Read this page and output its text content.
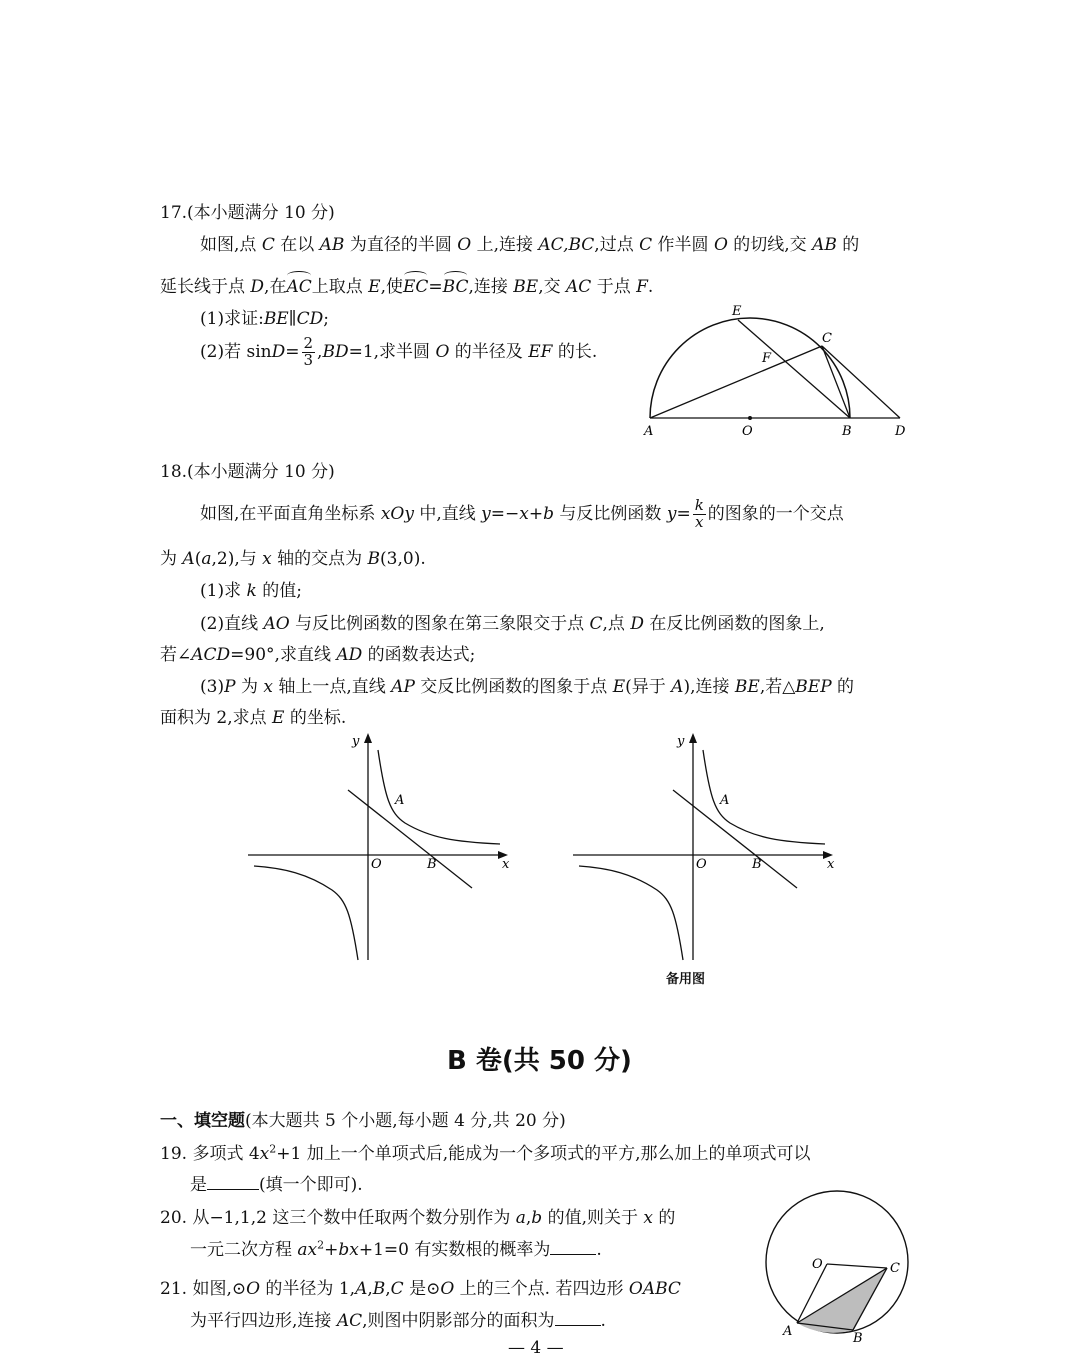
17.(本小题满分 10 分)
如图,点 C 在以 AB 为直径的半圆 O 上,连接 AC,BC,过点 C 作半圆 O 的切线,交 AB 的
延长线于点 D,在AC上取点 E,使EC=BC,连接 BE,交 AC 于点 F.
(1)求证:BE∥CD;
(2)若 $\sin D= \frac{2}{3} ,BD=1$,求半圆 O 的半径及 EF 的长.
E
C
F
A	O	B	D
18.(本小题满分 10 分)
如图,在平面直角坐标系 xOy 中,直线 y=−x+b 与反比例函数 $y= \frac{k}{x}$ 的图象的一个交点
为 A(a,2),与 x 轴的交点为 B(3,0).
(1)求 k 的值;
(2)直线 AO 与反比例函数的图象在第三象限交于点 C,点 D 在反比例函数的图象上,
若∠ACD=90°,求直线 AD 的函数表达式;
(3)P 为 x 轴上一点,直线 AP 交反比例函数的图象于点 E(异于 A),连接 BE,若△BEP 的
面积为 2,求点 E 的坐标.
y
x
A
O	B
y
x
A
O	B
备用图
B 卷(共 50 分)
一、填空题(本大题共 5 个小题,每小题 4 分,共 20 分)
19. 多项式 $4x^2+1$ 加上一个单项式后,能成为一个多项式的平方,那么加上的单项式可以
是	(填一个即可).
20. 从−1,1,2 这三个数中任取两个数分别作为 a,b 的值,则关于 x 的
一元二次方程 $ax^2+bx+1=0$ 有实数根的概率为	.
21. 如图,⊙O 的半径为 1,A,B,C 是⊙O 上的三个点. 若四边形 OABC
为平行四边形,连接 AC,则图中阴影部分的面积为	.
O	C
A	B
— 4 —
